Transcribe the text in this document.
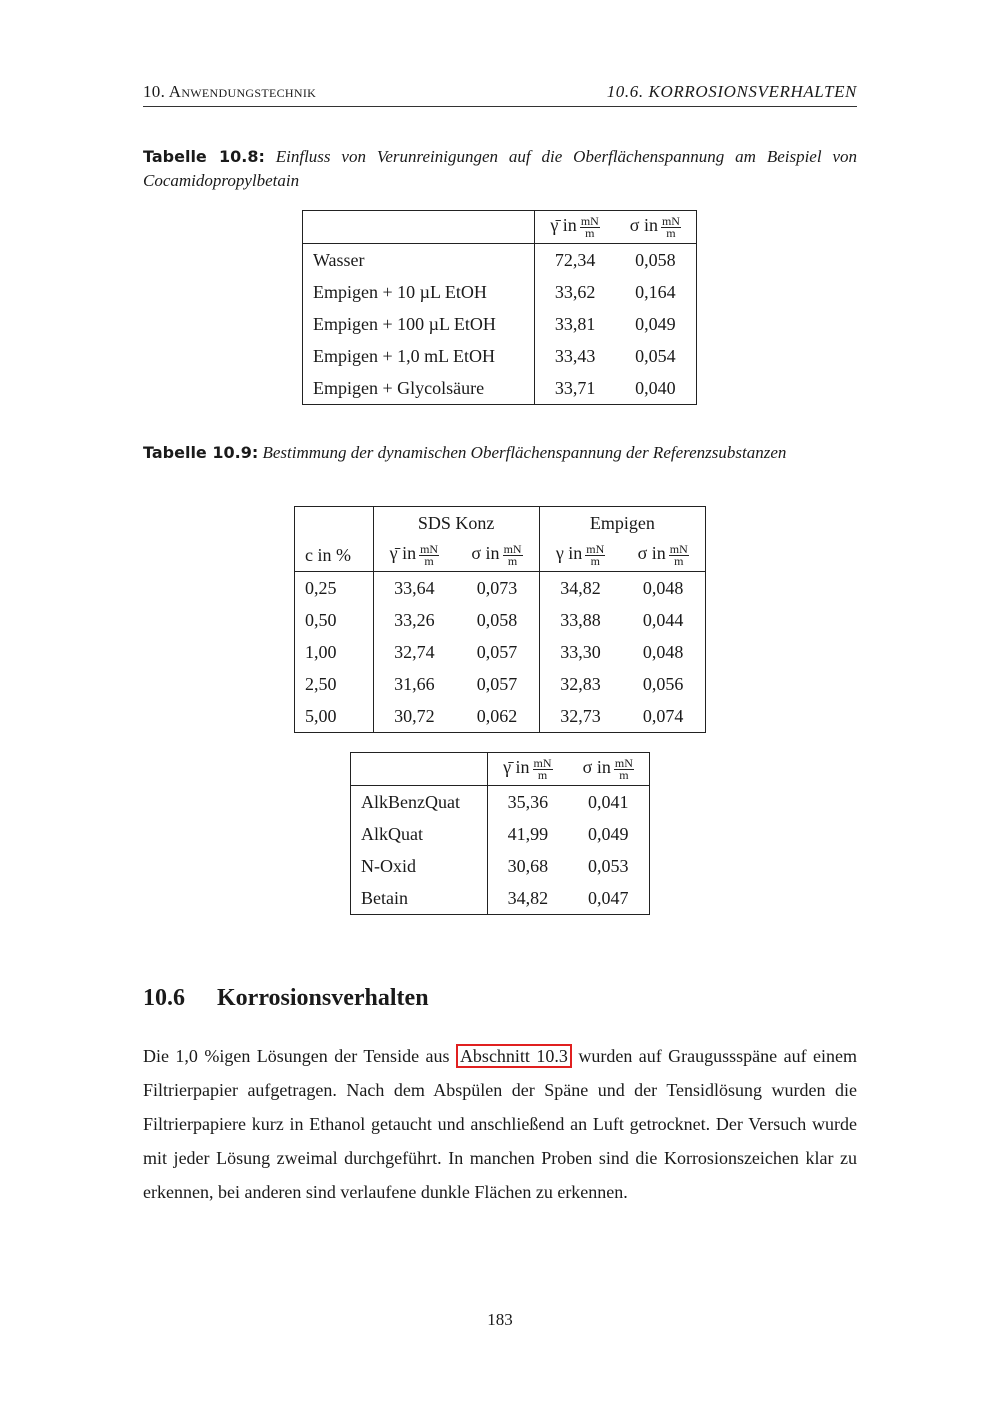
10. Anwendungstechnik	10.6. KORROSIONSVERHALTEN
Tabelle 10.8: Einfluss von Verunreinigungen auf die Oberflächenspannung am Beispiel von Cocamidopropylbetain
	γ̄ in $\frac{mN}{m}$	σ in $\frac{mN}{m}$

Wasser	72,34	0,058
Empigen + 10 µL EtOH	33,62	0,164
Empigen + 100 µL EtOH	33,81	0,049
Empigen + 1,0 mL EtOH	33,43	0,054
Empigen + Glycolsäure	33,71	0,040
Tabelle 10.9: Bestimmung der dynamischen Oberflächenspannung der Referenzsubstanzen
	SDS Konz		Empigen	
c in %	γ̄ in $\frac{mN}{m}$	σ in $\frac{mN}{m}$	γ in $\frac{mN}{m}$	σ in $\frac{mN}{m}$

0,25	33,64	0,073	34,82	0,048
0,50	33,26	0,058	33,88	0,044
1,00	32,74	0,057	33,30	0,048
2,50	31,66	0,057	32,83	0,056
5,00	30,72	0,062	32,73	0,074
	γ̄ in $\frac{mN}{m}$	σ in $\frac{mN}{m}$

AlkBenzQuat	35,36	0,041
AlkQuat	41,99	0,049
N-Oxid	30,68	0,053
Betain	34,82	0,047
10.6 Korrosionsverhalten
Die 1,0 %igen Lösungen der Tenside aus Abschnitt 10.3 wurden auf Graugussspäne auf einem Filtrierpapier aufgetragen. Nach dem Abspülen der Späne und der Tensidlösung wurden die Filtrierpapiere kurz in Ethanol getaucht und anschließend an Luft getrocknet. Der Versuch wurde mit jeder Lösung zweimal durchgeführt. In manchen Proben sind die Korrosionszeichen klar zu erkennen, bei anderen sind verlaufene dunkle Flächen zu erkennen.
183
